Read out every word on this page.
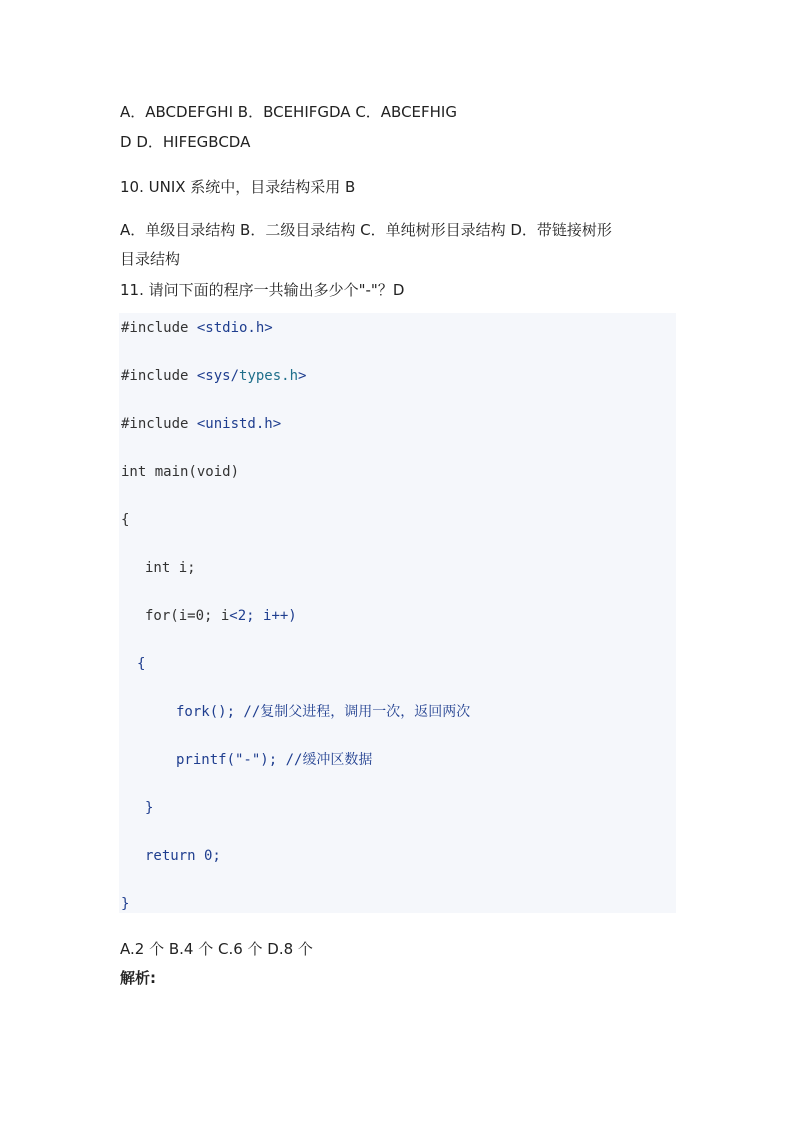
A．ABCDEFGHI B．BCEHIFGDA C．ABCEFHIG
D D．HIFEGBCDA
10. UNIX 系统中，目录结构采用 B
A．单级目录结构 B．二级目录结构 C．单纯树形目录结构 D．带链接树形
目录结构
11. 请问下面的程序一共输出多少个"-"？D
#include <stdio.h>
#include <sys/types.h>
#include <unistd.h>
int main(void)
{
int i;
for(i=0; i<2; i++)
{
fork(); //复制父进程，调用一次，返回两次
printf("-"); //缓冲区数据
}
return 0;
}
A.2 个 B.4 个 C.6 个 D.8 个
解析:
